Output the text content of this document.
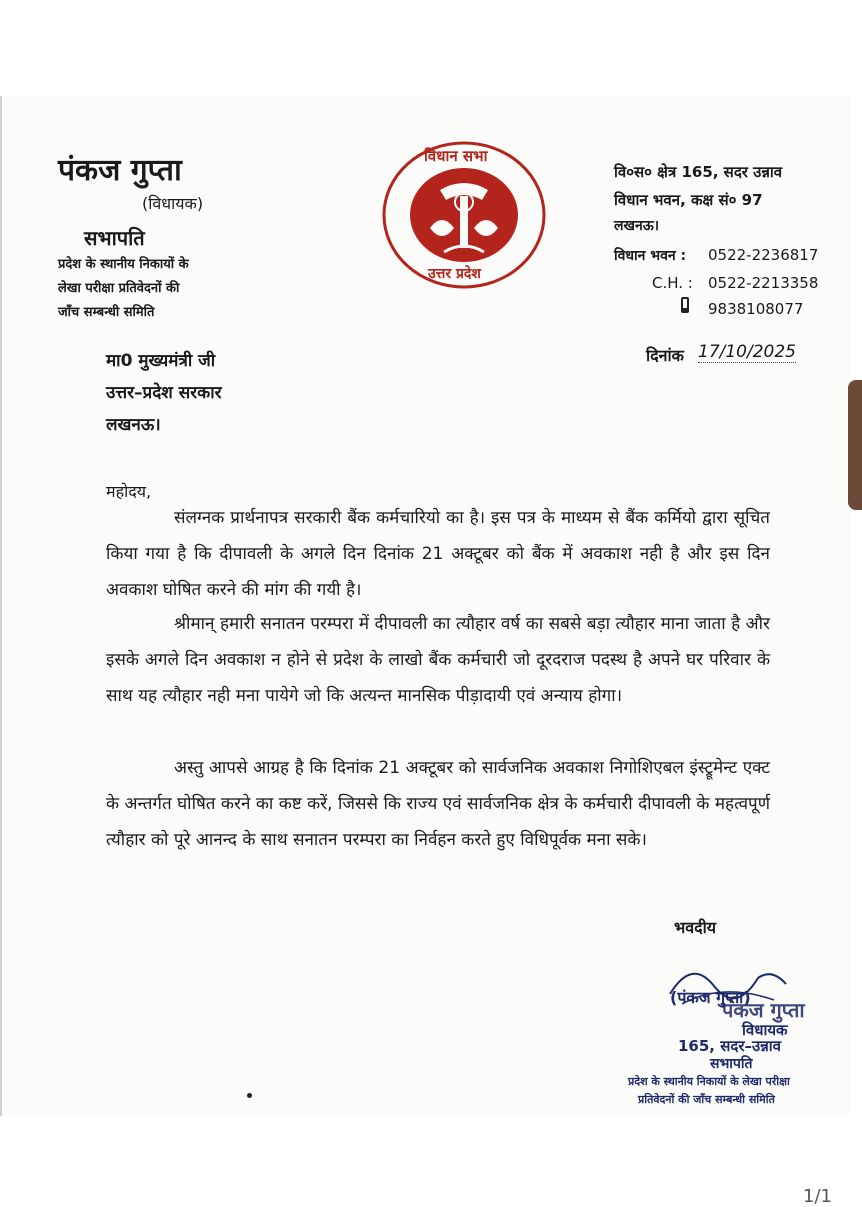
पंकज गुप्ता
(विधायक)
सभापति
प्रदेश के स्थानीय निकायों के
लेखा परीक्षा प्रतिवेदनों की
जाँच सम्बन्धी समिति
विधान सभा
उत्तर प्रदेश
वि०स० क्षेत्र 165, सदर उन्नाव
विधान भवन, कक्ष सं० 97
लखनऊ।
विधान भवन : 0522-2236817
C.H. : 0522-2213358
9838108077
दिनांक 17/10/2025
मा0 मुख्यमंत्री जी
उत्तर–प्रदेश सरकार
लखनऊ।
महोदय,
संलग्नक प्रार्थनापत्र सरकारी बैंक कर्मचारियो का है। इस पत्र के माध्यम से बैंक कर्मियो द्वारा सूचित किया गया है कि दीपावली के अगले दिन दिनांक 21 अक्टूबर को बैंक में अवकाश नही है और इस दिन अवकाश घोषित करने की मांग की गयी है।
श्रीमान् हमारी सनातन परम्परा में दीपावली का त्यौहार वर्ष का सबसे बड़ा त्यौहार माना जाता है और इसके अगले दिन अवकाश न होने से प्रदेश के लाखो बैंक कर्मचारी जो दूरदराज पदस्थ है अपने घर परिवार के साथ यह त्यौहार नही मना पायेगे जो कि अत्यन्त मानसिक पीड़ादायी एवं अन्याय होगा।
अस्तु आपसे आग्रह है कि दिनांक 21 अक्टूबर को सार्वजनिक अवकाश निगोशिएबल इंस्ट्रूमेन्ट एक्ट के अन्तर्गत घोषित करने का कष्ट करें, जिससे कि राज्य एवं सार्वजनिक क्षेत्र के कर्मचारी दीपावली के महत्वपूर्ण त्यौहार को पूरे आनन्द के साथ सनातन परम्परा का निर्वहन करते हुए विधिपूर्वक मना सके।
भवदीय
(पंकज गुप्ता)
पंकज गुप्ता
विधायक
165, सदर–उन्नाव
सभापति
प्रदेश के स्थानीय निकायों के लेखा परीक्षा
प्रतिवेदनों की जाँच सम्बन्धी समिति
1/1
